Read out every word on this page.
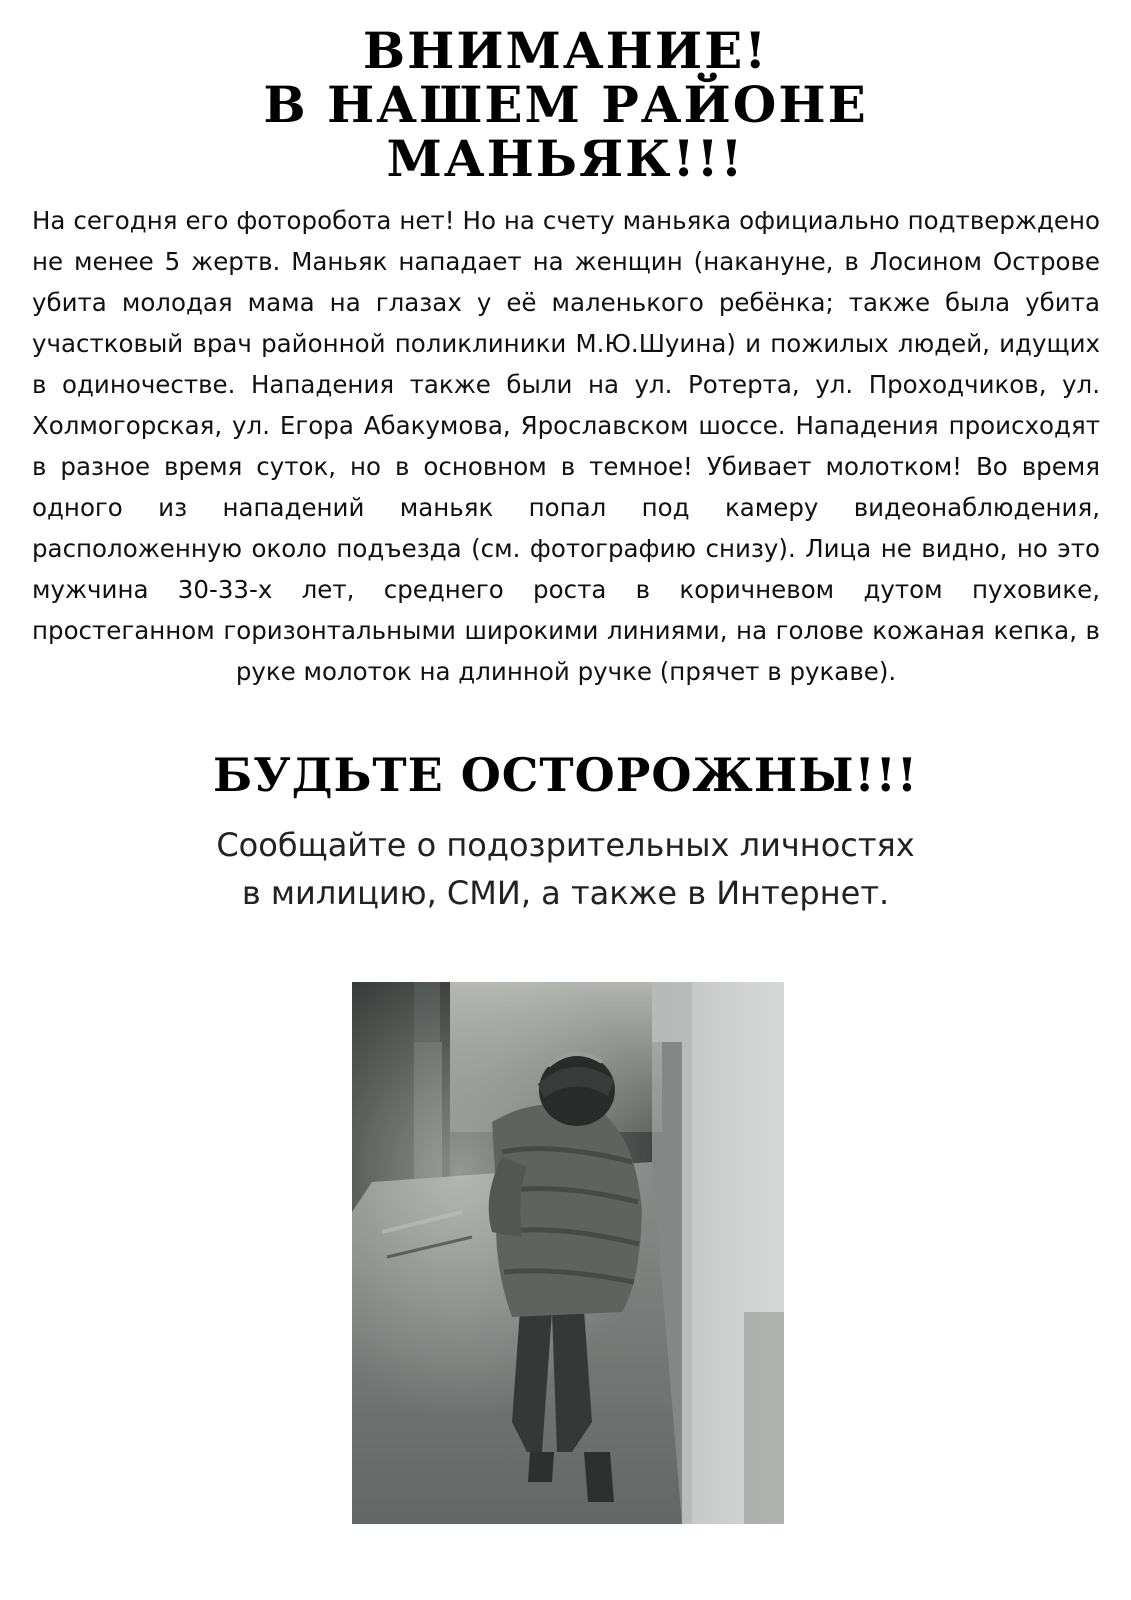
ВНИМАНИЕ!
В НАШЕМ РАЙОНЕ
МАНЬЯК!!!

На сегодня его фоторобота нет! Но на счету маньяка официально подтверждено не менее 5 жертв. Маньяк нападает на женщин (накануне, в Лосином Острове убита молодая мама на глазах у её маленького ребёнка; также была убита участковый врач районной поликлиники М.Ю.Шуина) и пожилых людей, идущих в одиночестве. Нападения также были на ул. Ротерта, ул. Проходчиков, ул. Холмогорская, ул. Егора Абакумова, Ярославском шоссе. Нападения происходят в разное время суток, но в основном в темное! Убивает молотком! Во время одного из нападений маньяк попал под камеру видеонаблюдения, расположенную около подъезда (см. фотографию снизу). Лица не видно, но это мужчина 30-33-х лет, среднего роста в коричневом дутом пуховике, простеганном горизонтальными широкими линиями, на голове кожаная кепка, в руке молоток на длинной ручке (прячет в рукаве).

БУДЬТЕ ОСТОРОЖНЫ!!!

Сообщайте о подозрительных личностях

в милицию, СМИ, а также в Интернет.
